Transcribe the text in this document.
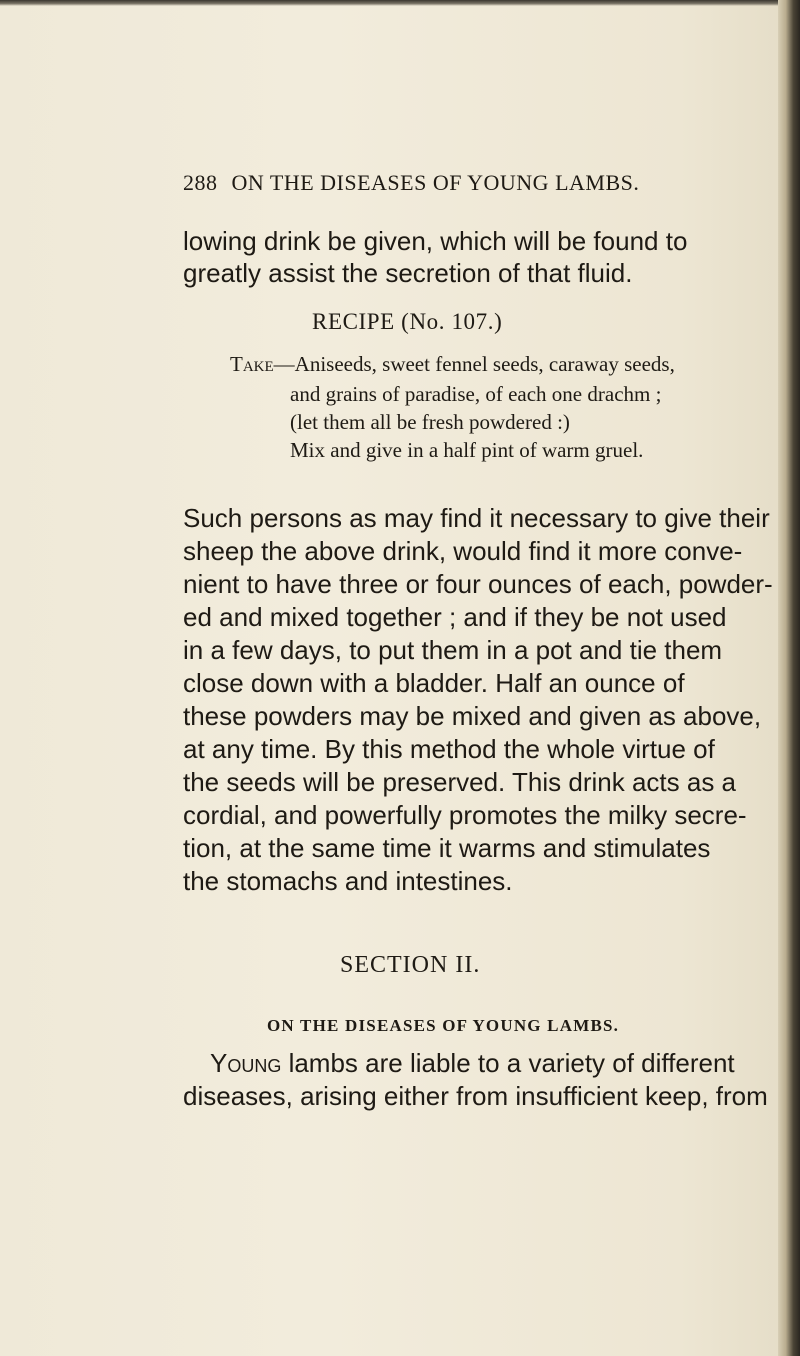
288 ON THE DISEASES OF YOUNG LAMBS.
lowing drink be given, which will be found to
greatly assist the secretion of that fluid.
RECIPE (No. 107.)
Take—Aniseeds, sweet fennel seeds, caraway seeds,
and grains of paradise, of each one drachm ;
(let them all be fresh powdered :)
Mix and give in a half pint of warm gruel.
Such persons as may find it necessary to give their
sheep the above drink, would find it more conve-
nient to have three or four ounces of each, powder-
ed and mixed together ; and if they be not used
in a few days, to put them in a pot and tie them
close down with a bladder. Half an ounce of
these powders may be mixed and given as above,
at any time. By this method the whole virtue of
the seeds will be preserved. This drink acts as a
cordial, and powerfully promotes the milky secre-
tion, at the same time it warms and stimulates
the stomachs and intestines.
SECTION II.
ON THE DISEASES OF YOUNG LAMBS.
Young lambs are liable to a variety of different
diseases, arising either from insufficient keep, from
